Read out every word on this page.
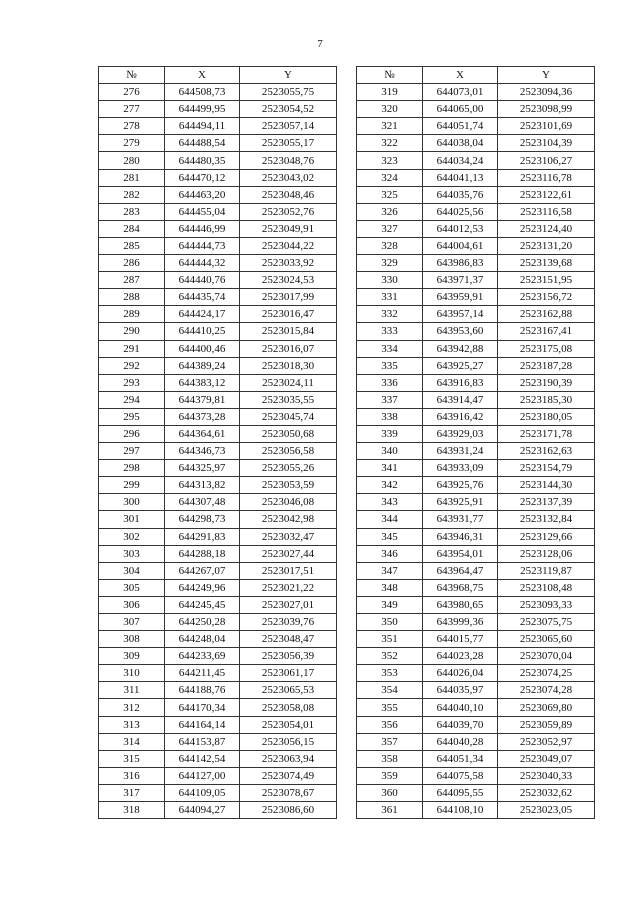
7
№	X	Y		№	X	Y
276	644508,73	2523055,75		319	644073,01	2523094,36
277	644499,95	2523054,52		320	644065,00	2523098,99
278	644494,11	2523057,14		321	644051,74	2523101,69
279	644488,54	2523055,17		322	644038,04	2523104,39
280	644480,35	2523048,76		323	644034,24	2523106,27
281	644470,12	2523043,02		324	644041,13	2523116,78
282	644463,20	2523048,46		325	644035,76	2523122,61
283	644455,04	2523052,76		326	644025,56	2523116,58
284	644446,99	2523049,91		327	644012,53	2523124,40
285	644444,73	2523044,22		328	644004,61	2523131,20
286	644444,32	2523033,92		329	643986,83	2523139,68
287	644440,76	2523024,53		330	643971,37	2523151,95
288	644435,74	2523017,99		331	643959,91	2523156,72
289	644424,17	2523016,47		332	643957,14	2523162,88
290	644410,25	2523015,84		333	643953,60	2523167,41
291	644400,46	2523016,07		334	643942,88	2523175,08
292	644389,24	2523018,30		335	643925,27	2523187,28
293	644383,12	2523024,11		336	643916,83	2523190,39
294	644379,81	2523035,55		337	643914,47	2523185,30
295	644373,28	2523045,74		338	643916,42	2523180,05
296	644364,61	2523050,68		339	643929,03	2523171,78
297	644346,73	2523056,58		340	643931,24	2523162,63
298	644325,97	2523055,26		341	643933,09	2523154,79
299	644313,82	2523053,59		342	643925,76	2523144,30
300	644307,48	2523046,08		343	643925,91	2523137,39
301	644298,73	2523042,98		344	643931,77	2523132,84
302	644291,83	2523032,47		345	643946,31	2523129,66
303	644288,18	2523027,44		346	643954,01	2523128,06
304	644267,07	2523017,51		347	643964,47	2523119,87
305	644249,96	2523021,22		348	643968,75	2523108,48
306	644245,45	2523027,01		349	643980,65	2523093,33
307	644250,28	2523039,76		350	643999,36	2523075,75
308	644248,04	2523048,47		351	644015,77	2523065,60
309	644233,69	2523056,39		352	644023,28	2523070,04
310	644211,45	2523061,17		353	644026,04	2523074,25
311	644188,76	2523065,53		354	644035,97	2523074,28
312	644170,34	2523058,08		355	644040,10	2523069,80
313	644164,14	2523054,01		356	644039,70	2523059,89
314	644153,87	2523056,15		357	644040,28	2523052,97
315	644142,54	2523063,94		358	644051,34	2523049,07
316	644127,00	2523074,49		359	644075,58	2523040,33
317	644109,05	2523078,67		360	644095,55	2523032,62
318	644094,27	2523086,60		361	644108,10	2523023,05
